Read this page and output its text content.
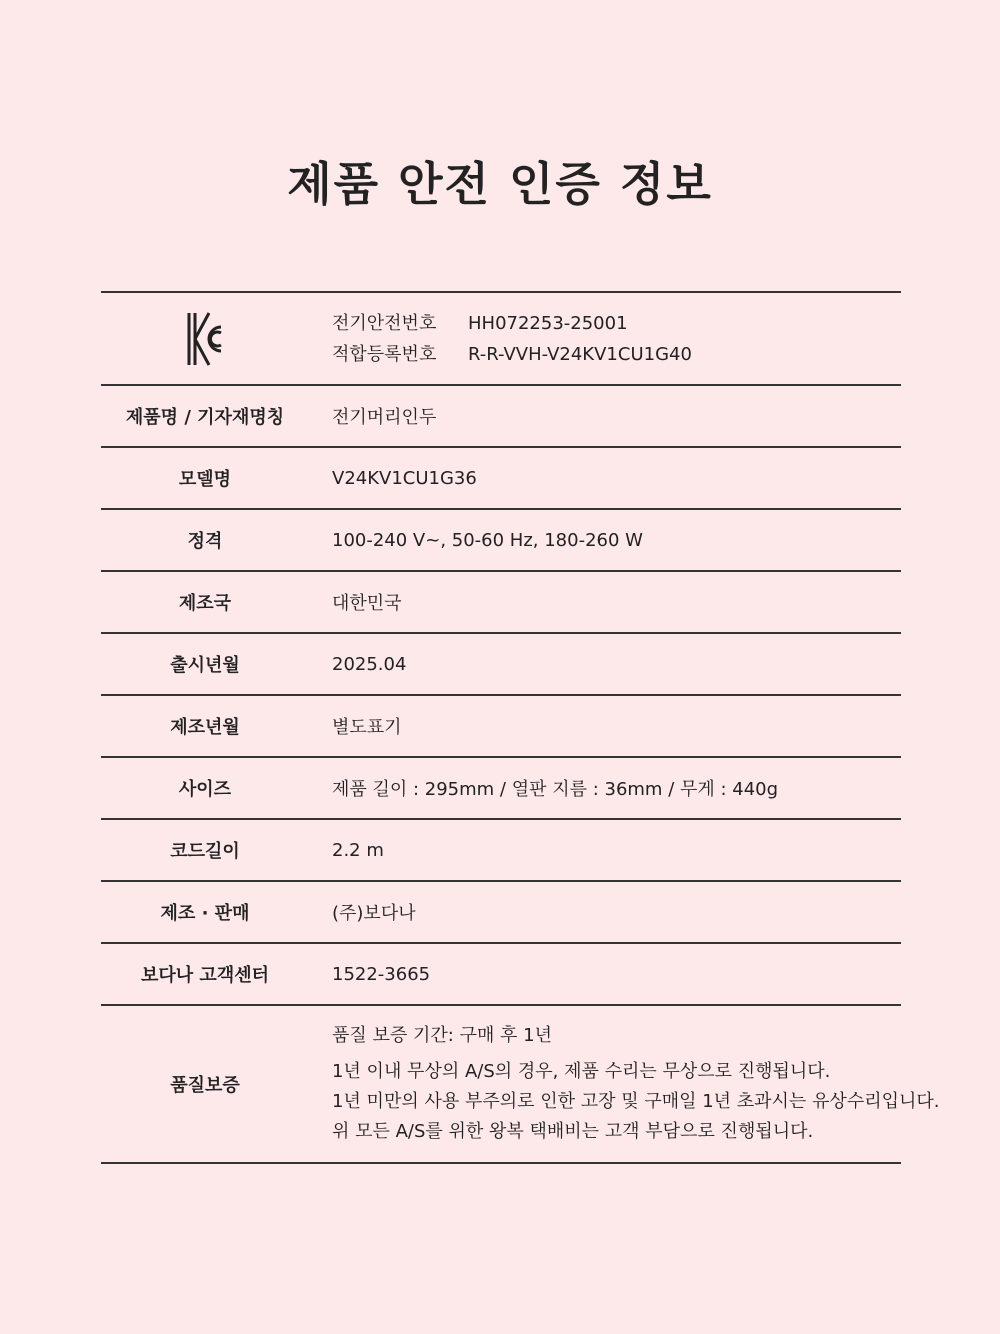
제품 안전 인증 정보
전기안전번호	HH072253-25001
적합등록번호	R-R-VVH-V24KV1CU1G40
제품명 / 기자재명칭	전기머리인두
모델명	V24KV1CU1G36
정격	100-240 V~, 50-60 Hz, 180-260 W
제조국	대한민국
출시년월	2025.04
제조년월	별도표기
사이즈	제품 길이 : 295mm / 열판 지름 : 36mm / 무게 : 440g
코드길이	2.2 m
제조 · 판매	(주)보다나
보다나 고객센터	1522-3665
품질보증
품질 보증 기간: 구매 후 1년
1년 이내 무상의 A/S의 경우, 제품 수리는 무상으로 진행됩니다.
1년 미만의 사용 부주의로 인한 고장 및 구매일 1년 초과시는 유상수리입니다.
위 모든 A/S를 위한 왕복 택배비는 고객 부담으로 진행됩니다.
